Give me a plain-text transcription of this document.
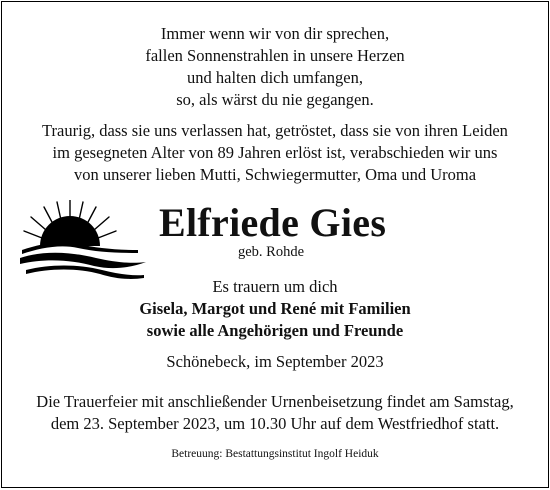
Immer wenn wir von dir sprechen,
fallen Sonnenstrahlen in unsere Herzen
und halten dich umfangen,
so, als wärst du nie gegangen.
Traurig, dass sie uns verlassen hat, getröstet, dass sie von ihren Leiden
im gesegneten Alter von 89 Jahren erlöst ist, verabschieden wir uns
von unserer lieben Mutti, Schwiegermutter, Oma und Uroma
Elfriede Gies
geb. Rohde
Es trauern um dich
Gisela, Margot und René mit Familien
sowie alle Angehörigen und Freunde
Schönebeck, im September 2023
Die Trauerfeier mit anschließender Urnenbeisetzung findet am Samstag,
dem 23. September 2023, um 10.30 Uhr auf dem Westfriedhof statt.
Betreuung: Bestattungsinstitut Ingolf Heiduk
